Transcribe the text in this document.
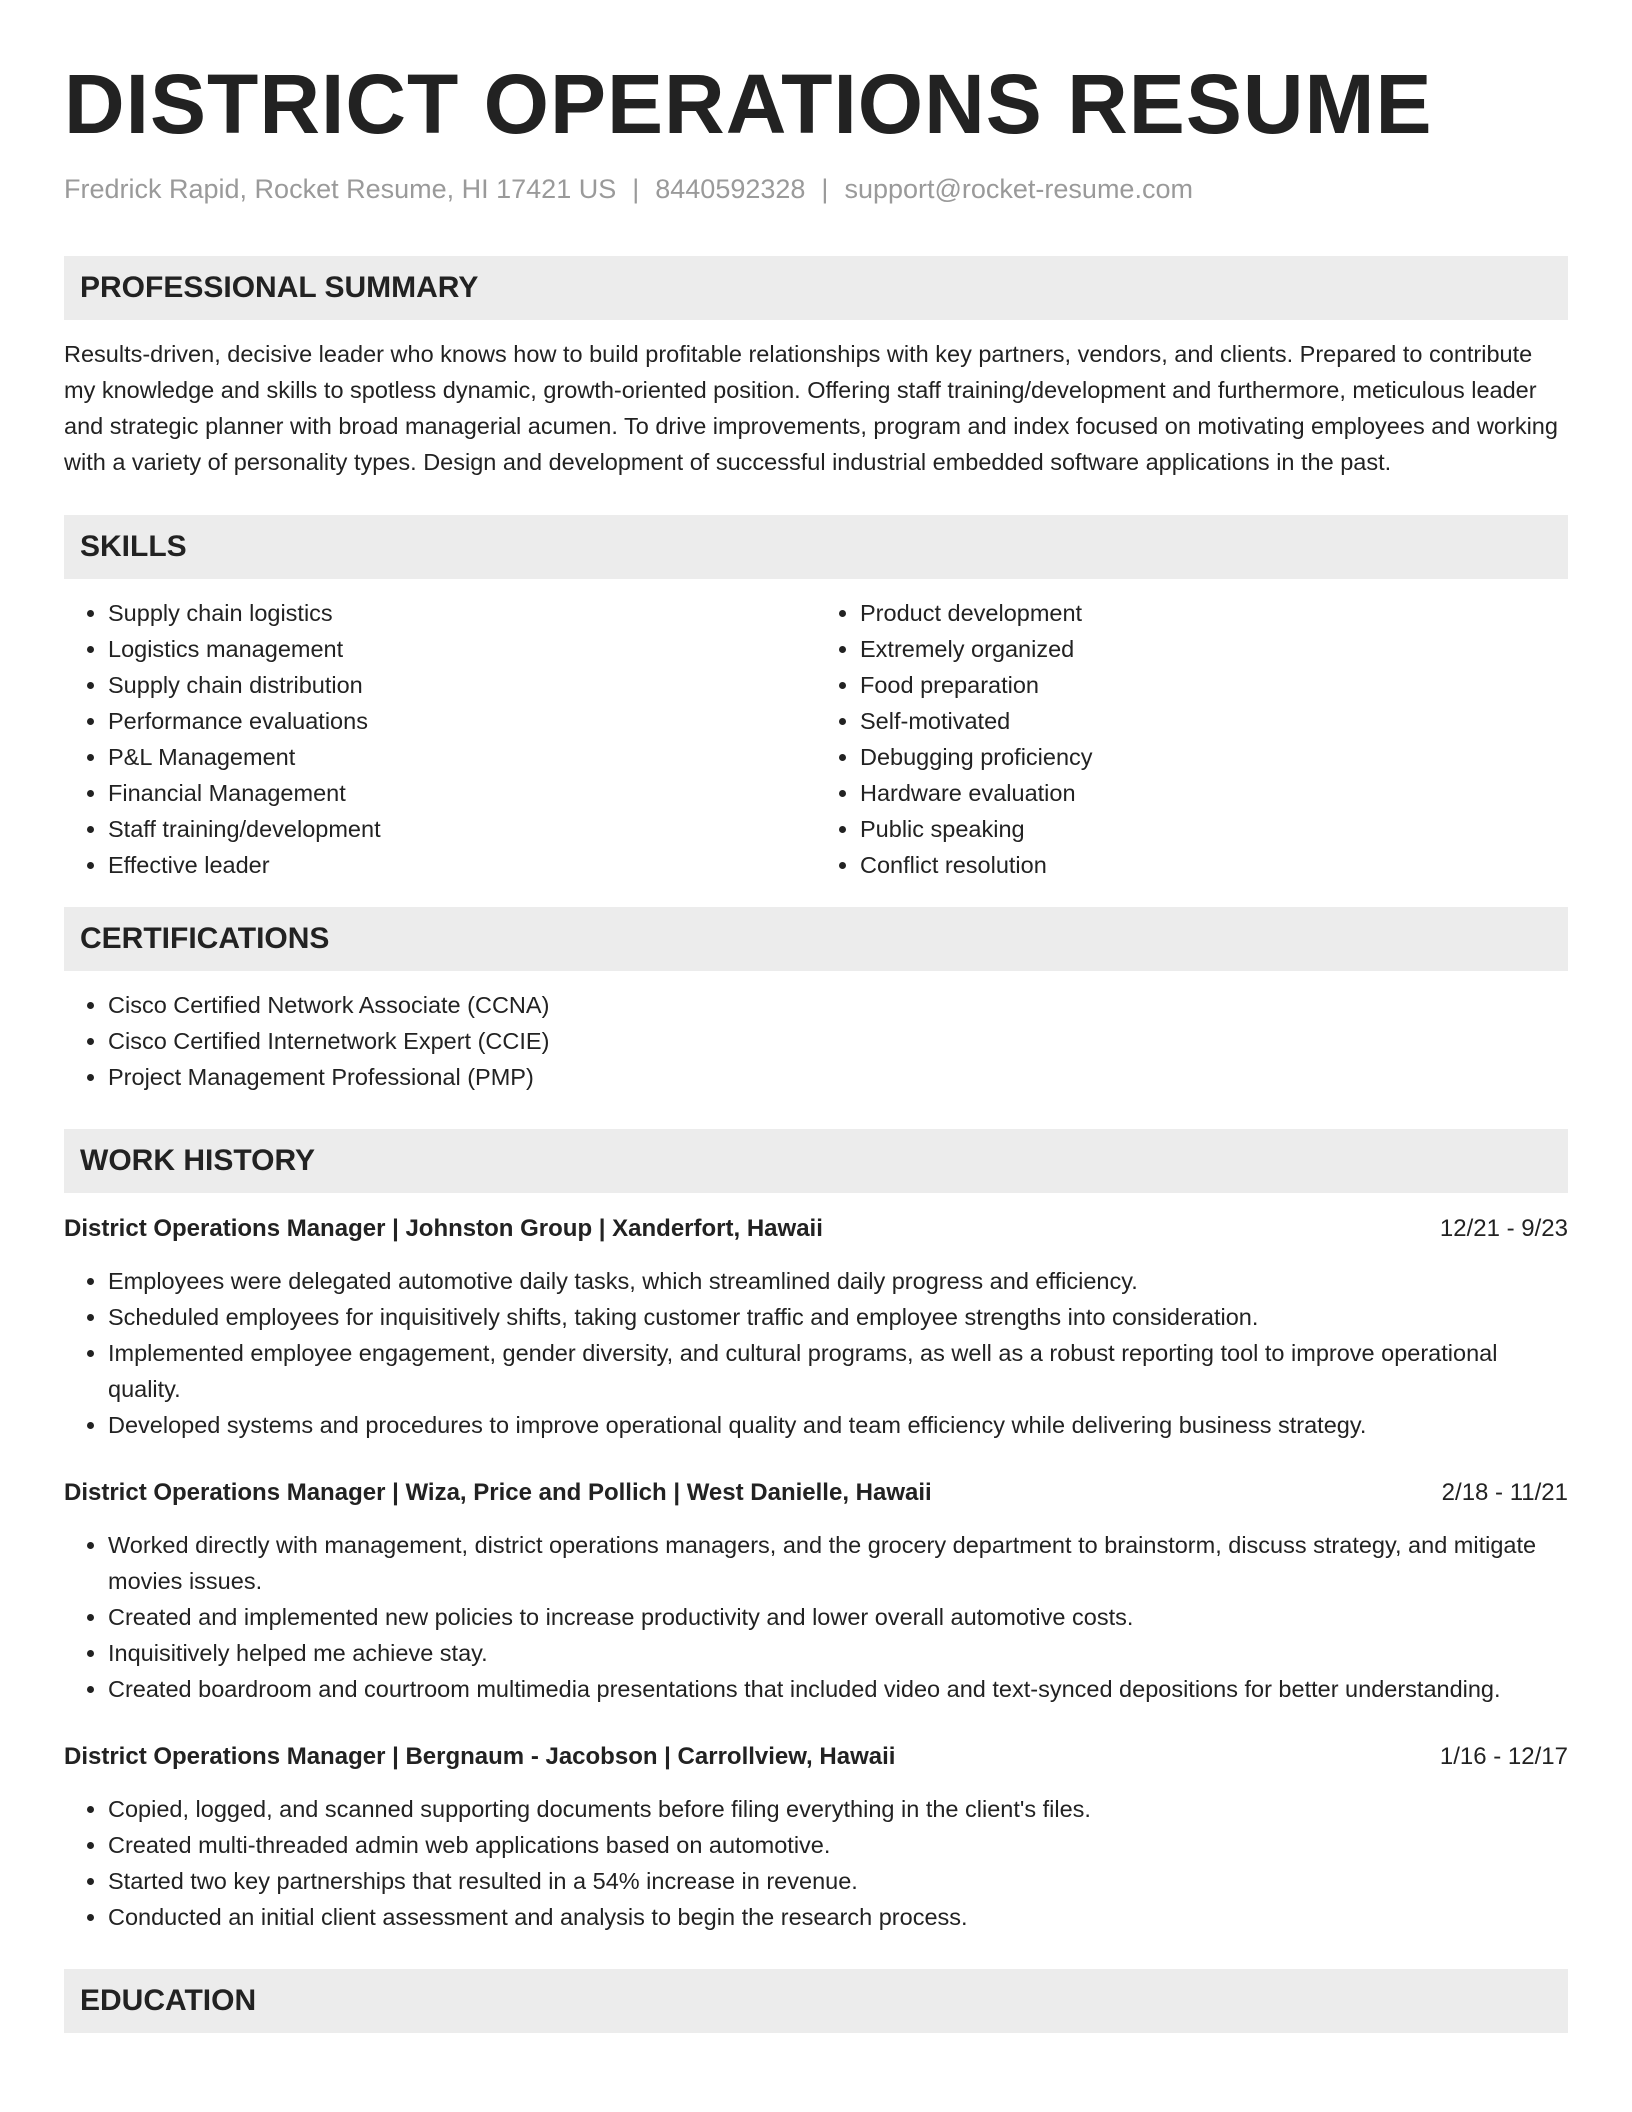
DISTRICT OPERATIONS RESUME
Fredrick Rapid, Rocket Resume, HI 17421 US | 8440592328 | support@rocket-resume.com
PROFESSIONAL SUMMARY

Results-driven, decisive leader who knows how to build profitable relationships with key partners, vendors, and clients. Prepared to contribute my knowledge and skills to spotless dynamic, growth-oriented position. Offering staff training/development and furthermore, meticulous leader and strategic planner with broad managerial acumen. To drive improvements, program and index focused on motivating employees and working with a variety of personality types. Design and development of successful industrial embedded software applications in the past.

SKILLS
• Supply chain logistics
• Logistics management
• Supply chain distribution
• Performance evaluations
• P&L Management
• Financial Management
• Staff training/development
• Effective leader
• Product development
• Extremely organized
• Food preparation
• Self-motivated
• Debugging proficiency
• Hardware evaluation
• Public speaking
• Conflict resolution
CERTIFICATIONS
• Cisco Certified Network Associate (CCNA)
• Cisco Certified Internetwork Expert (CCIE)
• Project Management Professional (PMP)
WORK HISTORY
District Operations Manager | Johnston Group | Xanderfort, Hawaii	12/21 - 9/23
• Employees were delegated automotive daily tasks, which streamlined daily progress and efficiency.
• Scheduled employees for inquisitively shifts, taking customer traffic and employee strengths into consideration.
• Implemented employee engagement, gender diversity, and cultural programs, as well as a robust reporting tool to improve operational quality.
• Developed systems and procedures to improve operational quality and team efficiency while delivering business strategy.
District Operations Manager | Wiza, Price and Pollich | West Danielle, Hawaii	2/18 - 11/21
• Worked directly with management, district operations managers, and the grocery department to brainstorm, discuss strategy, and mitigate movies issues.
• Created and implemented new policies to increase productivity and lower overall automotive costs.
• Inquisitively helped me achieve stay.
• Created boardroom and courtroom multimedia presentations that included video and text-synced depositions for better understanding.
District Operations Manager | Bergnaum - Jacobson | Carrollview, Hawaii	1/16 - 12/17
• Copied, logged, and scanned supporting documents before filing everything in the client's files.
• Created multi-threaded admin web applications based on automotive.
• Started two key partnerships that resulted in a 54% increase in revenue.
• Conducted an initial client assessment and analysis to begin the research process.
EDUCATION
